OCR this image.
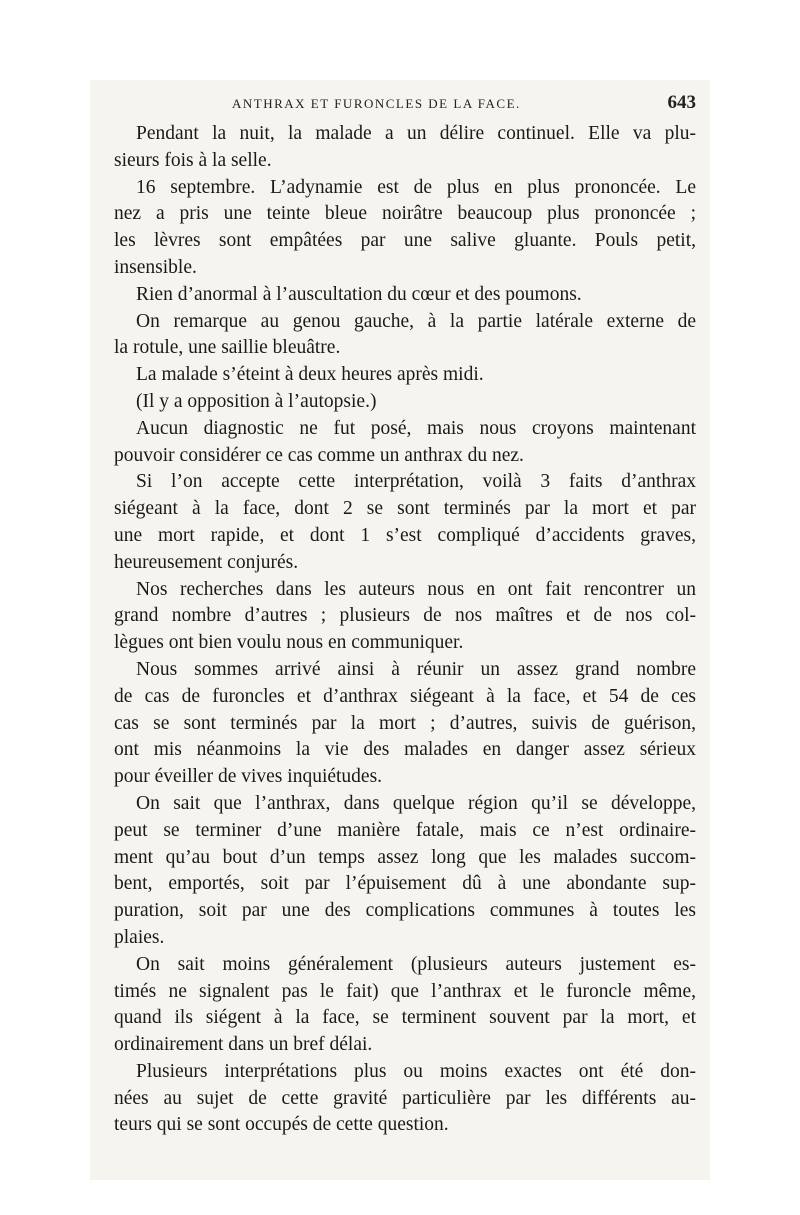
ANTHRAX ET FURONCLES DE LA FACE.	643
Pendant la nuit, la malade a un délire continuel. Elle va plu-
sieurs fois à la selle.
16 septembre. L’adynamie est de plus en plus prononcée. Le
nez a pris une teinte bleue noirâtre beaucoup plus prononcée ;
les lèvres sont empâtées par une salive gluante. Pouls petit,
insensible.
Rien d’anormal à l’auscultation du cœur et des poumons.
On remarque au genou gauche, à la partie latérale externe de
la rotule, une saillie bleuâtre.
La malade s’éteint à deux heures après midi.
(Il y a opposition à l’autopsie.)
Aucun diagnostic ne fut posé, mais nous croyons maintenant
pouvoir considérer ce cas comme un anthrax du nez.
Si l’on accepte cette interprétation, voilà 3 faits d’anthrax
siégeant à la face, dont 2 se sont terminés par la mort et par
une mort rapide, et dont 1 s’est compliqué d’accidents graves,
heureusement conjurés.
Nos recherches dans les auteurs nous en ont fait rencontrer un
grand nombre d’autres ; plusieurs de nos maîtres et de nos col-
lègues ont bien voulu nous en communiquer.
Nous sommes arrivé ainsi à réunir un assez grand nombre
de cas de furoncles et d’anthrax siégeant à la face, et 54 de ces
cas se sont terminés par la mort ; d’autres, suivis de guérison,
ont mis néanmoins la vie des malades en danger assez sérieux
pour éveiller de vives inquiétudes.
On sait que l’anthrax, dans quelque région qu’il se développe,
peut se terminer d’une manière fatale, mais ce n’est ordinaire-
ment qu’au bout d’un temps assez long que les malades succom-
bent, emportés, soit par l’épuisement dû à une abondante sup-
puration, soit par une des complications communes à toutes les
plaies.
On sait moins généralement (plusieurs auteurs justement es-
timés ne signalent pas le fait) que l’anthrax et le furoncle même,
quand ils siégent à la face, se terminent souvent par la mort, et
ordinairement dans un bref délai.
Plusieurs interprétations plus ou moins exactes ont été don-
nées au sujet de cette gravité particulière par les différents au-
teurs qui se sont occupés de cette question.
